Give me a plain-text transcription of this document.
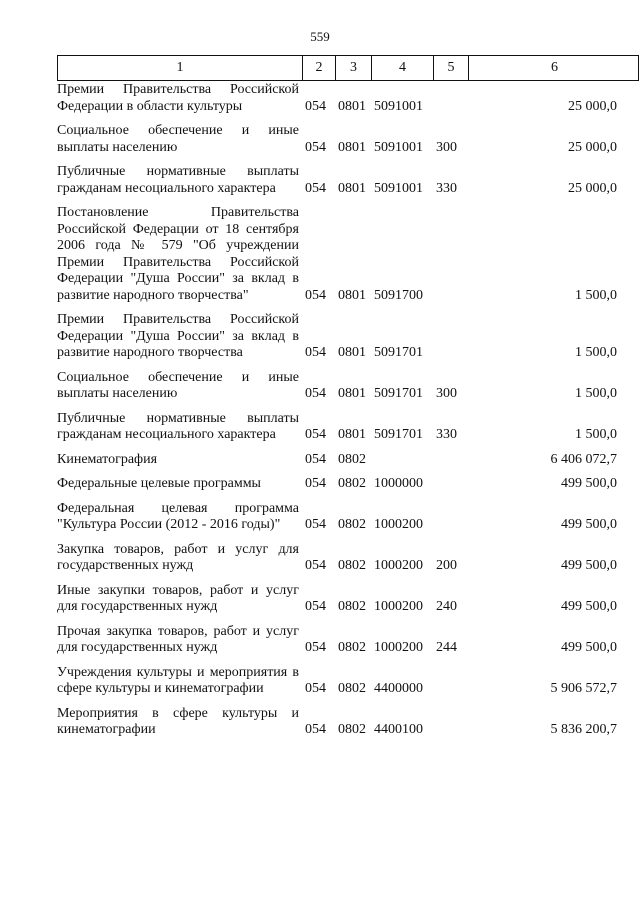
559
1	2	3	4	5	6
Премии Правительства Российской Федерации в области культуры	054 0801 5091001	25 000,0
Социальное обеспечение и иные выплаты населению	054 0801 5091001 300	25 000,0
Публичные нормативные выплаты гражданам несоциального характера	054 0801 5091001 330	25 000,0
Постановление Правительства Российской Федерации от 18 сентября 2006 года № 579 "Об учреждении Премии Правительства Российской Федерации "Душа России" за вклад в развитие народного творчества"	054 0801 5091700	1 500,0
Премии Правительства Российской Федерации "Душа России" за вклад в развитие народного творчества	054 0801 5091701	1 500,0
Социальное обеспечение и иные выплаты населению	054 0801 5091701 300	1 500,0
Публичные нормативные выплаты гражданам несоциального характера	054 0801 5091701 330	1 500,0
Кинематография	054 0802	6 406 072,7
Федеральные целевые программы	054 0802 1000000	499 500,0
Федеральная целевая программа "Культура России (2012 - 2016 годы)"	054 0802 1000200	499 500,0
Закупка товаров, работ и услуг для государственных нужд	054 0802 1000200 200	499 500,0
Иные закупки товаров, работ и услуг для государственных нужд	054 0802 1000200 240	499 500,0
Прочая закупка товаров, работ и услуг для государственных нужд	054 0802 1000200 244	499 500,0
Учреждения культуры и мероприятия в сфере культуры и кинематографии	054 0802 4400000	5 906 572,7
Мероприятия в сфере культуры и кинематографии	054 0802 4400100	5 836 200,7
